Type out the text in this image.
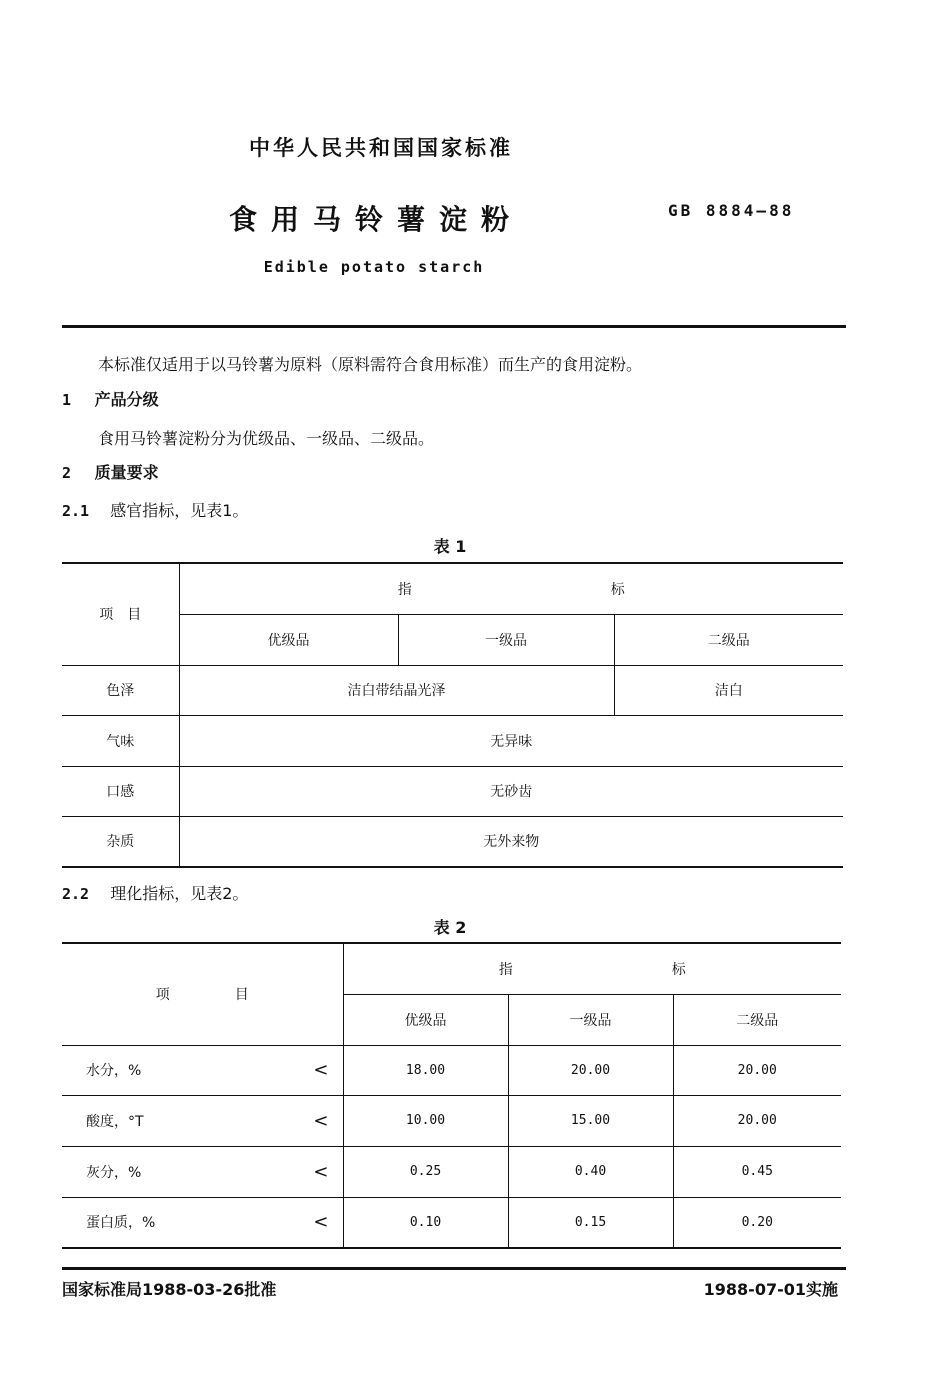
中华人民共和国国家标准
食用马铃薯淀粉	GB 8884—88
Edible potato starch
本标准仅适用于以马铃薯为原料（原料需符合食用标准）而生产的食用淀粉。
1 产品分级
食用马铃薯淀粉分为优级品、一级品、二级品。
2 质量要求
2.1 感官指标，见表1。
表 1
项　目	指 标		
	优级品	一级品	二级品
色泽	洁白带结晶光泽		洁白
气味	无异味		
口感	无砂齿		
杂质	无外来物		
2.2 理化指标，见表2。
表 2
项 目	指 标		
	优级品	一级品	二级品
水分，% <	18.00	20.00	20.00
酸度，°T <	10.00	15.00	20.00
灰分，% <	0.25	0.40	0.45
蛋白质，% <	0.10	0.15	0.20
国家标准局1988-03-26批准	1988-07-01实施
